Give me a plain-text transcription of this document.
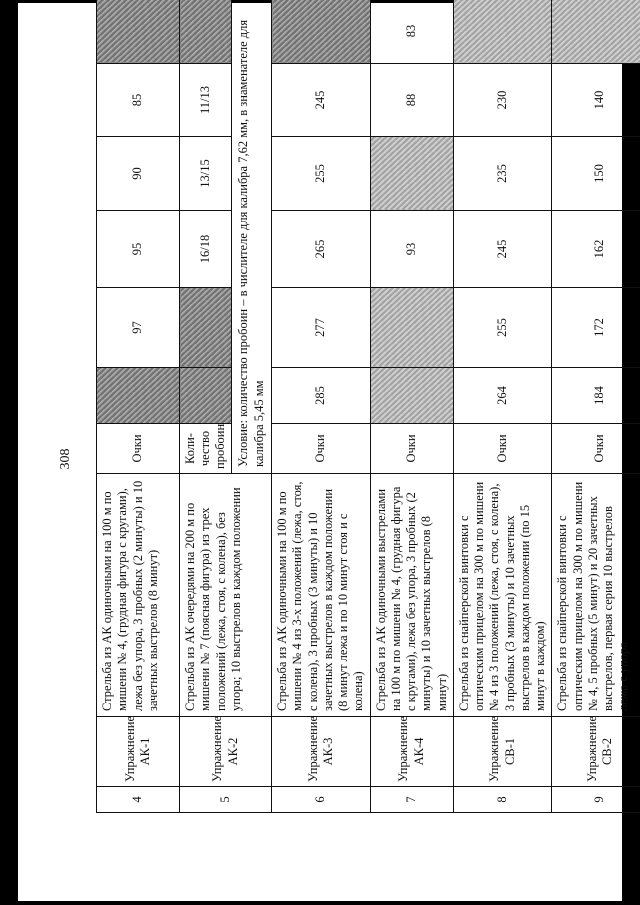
308
4	Упражнение АК-1	Стрельба из АК одиночными на 100 м по мишени № 4, (грудная фигура с кругами), лежа без упора, 3 пробных (2 минуты) и 10 зачетных выстрелов (8 минут)	Очки		97	95	90	85	
5	Упражнение АК-2	Стрельба из АК очередями на 200 м по мишени № 7 (поясная фигура) из трех положений (лежа, стоя, с колена), без упора; 10 выстрелов в каждом положении	Коли-чество пробоин			16/18	13/15	11/13	
			Условие: количество пробоин – в числителе для калибра 7,62 мм, в знаменателе для калибра 5,45 мм						
6	Упражнение АК-3	Стрельба из АК одиночными на 100 м по мишени № 4 из 3-х положений (лежа, стоя, с колена), 3 пробных (3 минуты) и 10 зачетных выстрелов в каждом положении (8 минут лежа и по 10 минут стоя и с колена)	Очки	285	277	265	255	245	
7	Упражнение АК-4	Стрельба из АК одиночными выстрелами на 100 м по мишени № 4, (грудная фигура с кругами), лежа без упора, 3 пробных (2 минуты) и 10 зачетных выстрелов (8 минут)	Очки			93		88	83
8	Упражнение СВ-1	Стрельба из снайперской винтовки с оптическим прицелом на 300 м по мишени № 4 из 3 положений (лежа, стоя, с колена), 3 пробных (3 минуты) и 10 зачетных выстрелов в каждом положении (по 15 минут в каждом)	Очки	264	255	245	235	230	
9	Упражнение СВ-2	Стрельба из снайперской винтовки с оптическим прицелом на 300 м по мишени № 4, 5 пробных (5 минут) и 20 зачетных выстрелов, первая серия 10 выстрелов лежа с упора	Очки	184	172	162	150	140	
